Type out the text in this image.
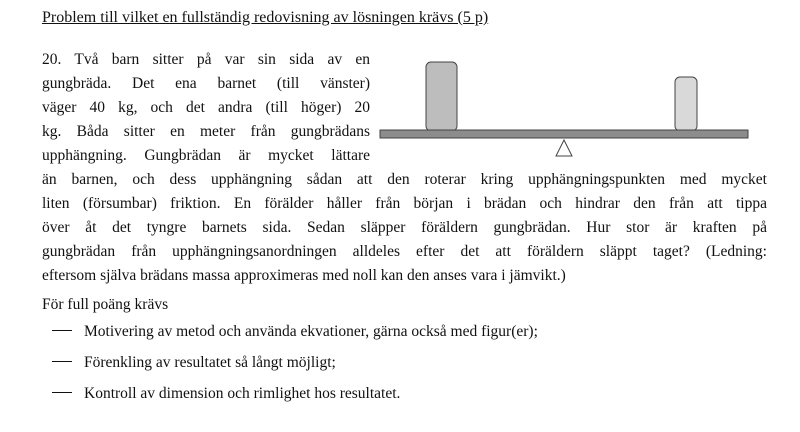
Problem till vilket en fullständig redovisning av lösningen krävs (5 p)
20. Två barn sitter på var sin sida av en
gungbräda. Det ena barnet (till vänster)
väger 40 kg, och det andra (till höger) 20
kg. Båda sitter en meter från gungbrädans
upphängning. Gungbrädan är mycket lättare
än barnen, och dess upphängning sådan att den roterar kring upphängningspunkten med mycket
liten (försumbar) friktion. En förälder håller från början i brädan och hindrar den från att tippa
över åt det tyngre barnets sida. Sedan släpper föräldern gungbrädan. Hur stor är kraften på
gungbrädan från upphängningsanordningen alldeles efter det att föräldern släppt taget? (Ledning:
eftersom själva brädans massa approximeras med noll kan den anses vara i jämvikt.)
För full poäng krävs
Motivering av metod och använda ekvationer, gärna också med figur(er);
Förenkling av resultatet så långt möjligt;
Kontroll av dimension och rimlighet hos resultatet.
